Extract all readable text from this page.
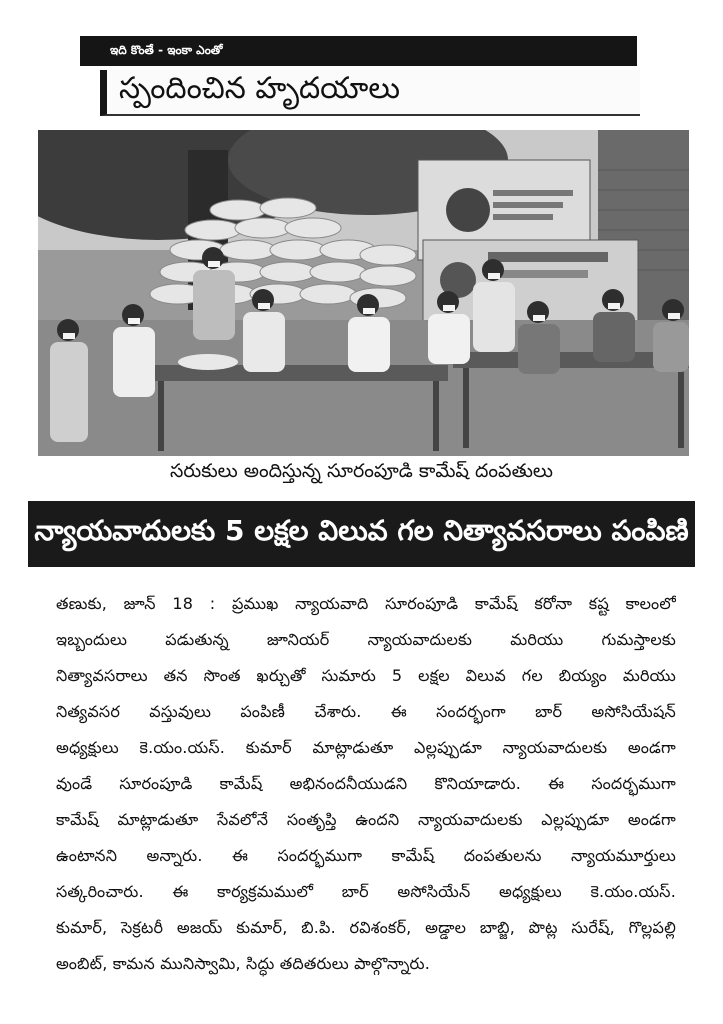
ఇది కొంతే - ఇంకా ఎంతో
స్పందించిన హృదయాలు
సరుకులు అందిస్తున్న సూరంపూడి కామేష్ దంపతులు
న్యాయవాదులకు 5 లక్షల విలువ గల నిత్యావసరాలు పంపిణి
తణుకు, జూన్ 18 : ప్రముఖ న్యాయవాది సూరంపూడి కామేష్ కరోనా కష్ట కాలంలో
ఇబ్బందులు పడుతున్న జూనియర్ న్యాయవాదులకు మరియు గుమస్తాలకు
నిత్యావసరాలు తన సొంత ఖర్చుతో సుమారు 5 లక్షల విలువ గల బియ్యం మరియు
నిత్యవసర వస్తువులు పంపిణీ చేశారు. ఈ సందర్భంగా బార్ అసోసియేషన్
అధ్యక్షులు కె.యం.యస్. కుమార్ మాట్లాడుతూ ఎల్లప్పుడూ న్యాయవాదులకు అండగా
వుండే సూరంపూడి కామేష్ అభినందనీయుడని కొనియాడారు. ఈ సందర్భముగా
కామేష్ మాట్లాడుతూ సేవలోనే సంతృప్తి ఉందని న్యాయవాదులకు ఎల్లప్పుడూ అండగా
ఉంటానని అన్నారు. ఈ సందర్భముగా కామేష్ దంపతులను న్యాయమూర్తులు
సత్కరించారు. ఈ కార్యక్రమములో బార్ అసోసియేన్ అధ్యక్షులు కె.యం.యస్.
కుమార్, సెక్రటరీ అజయ్ కుమార్, బి.పి. రవిశంకర్, అడ్డాల బాబ్జి, పొట్ల సురేష్, గొల్లపల్లి
అంబిట్, కామన మునిస్వామి, సిద్ధు తదితరులు పాల్గొన్నారు.
